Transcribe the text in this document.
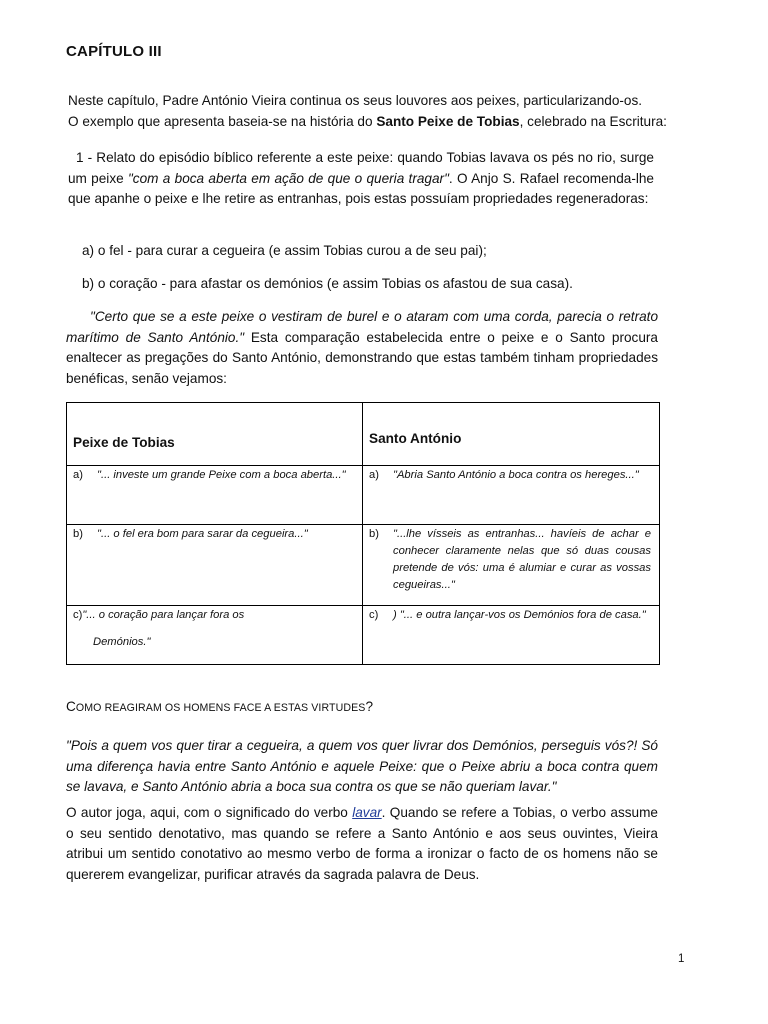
CAPÍTULO III

Neste capítulo, Padre António Vieira continua os seus louvores aos peixes, particularizando-os.
O exemplo que apresenta baseia-se na história do Santo Peixe de Tobias, celebrado na Escritura:

1 - Relato do episódio bíblico referente a este peixe: quando Tobias lavava os pés no rio, surge um peixe "com a boca aberta em ação de que o queria tragar". O Anjo S. Rafael recomenda-lhe que apanhe o peixe e lhe retire as entranhas, pois estas possuíam propriedades regeneradoras:

a) o fel - para curar a cegueira (e assim Tobias curou a de seu pai);

b) o coração - para afastar os demónios (e assim Tobias os afastou de sua casa).

"Certo que se a este peixe o vestiram de burel e o ataram com uma corda, parecia o retrato marítimo de Santo António." Esta comparação estabelecida entre o peixe e o Santo procura enaltecer as pregações do Santo António, demonstrando que estas também tinham propriedades benéficas, senão vejamos:

Peixe de Tobias	Santo António

a) "... investe um grande Peixe com a boca aberta..."	a) "Abria Santo António a boca contra os hereges..."

b) "... o fel era bom para sarar da cegueira..."	b) "...lhe vísseis as entranhas... havíeis de achar e conhecer claramente nelas que só duas cousas pretende de vós: uma é alumiar e curar as vossas cegueiras..."

c)"... o coração para lançar fora os
Demónios."	c) ) "... e outra lançar-vos os Demónios fora de casa."
COMO REAGIRAM OS HOMENS FACE A ESTAS VIRTUDES?

"Pois a quem vos quer tirar a cegueira, a quem vos quer livrar dos Demónios, perseguis vós?! Só uma diferença havia entre Santo António e aquele Peixe: que o Peixe abriu a boca contra quem se lavava, e Santo António abria a boca sua contra os que se não queriam lavar."

O autor joga, aqui, com o significado do verbo lavar. Quando se refere a Tobias, o verbo assume o seu sentido denotativo, mas quando se refere a Santo António e aos seus ouvintes, Vieira atribui um sentido conotativo ao mesmo verbo de forma a ironizar o facto de os homens não se quererem evangelizar, purificar através da sagrada palavra de Deus.

1
